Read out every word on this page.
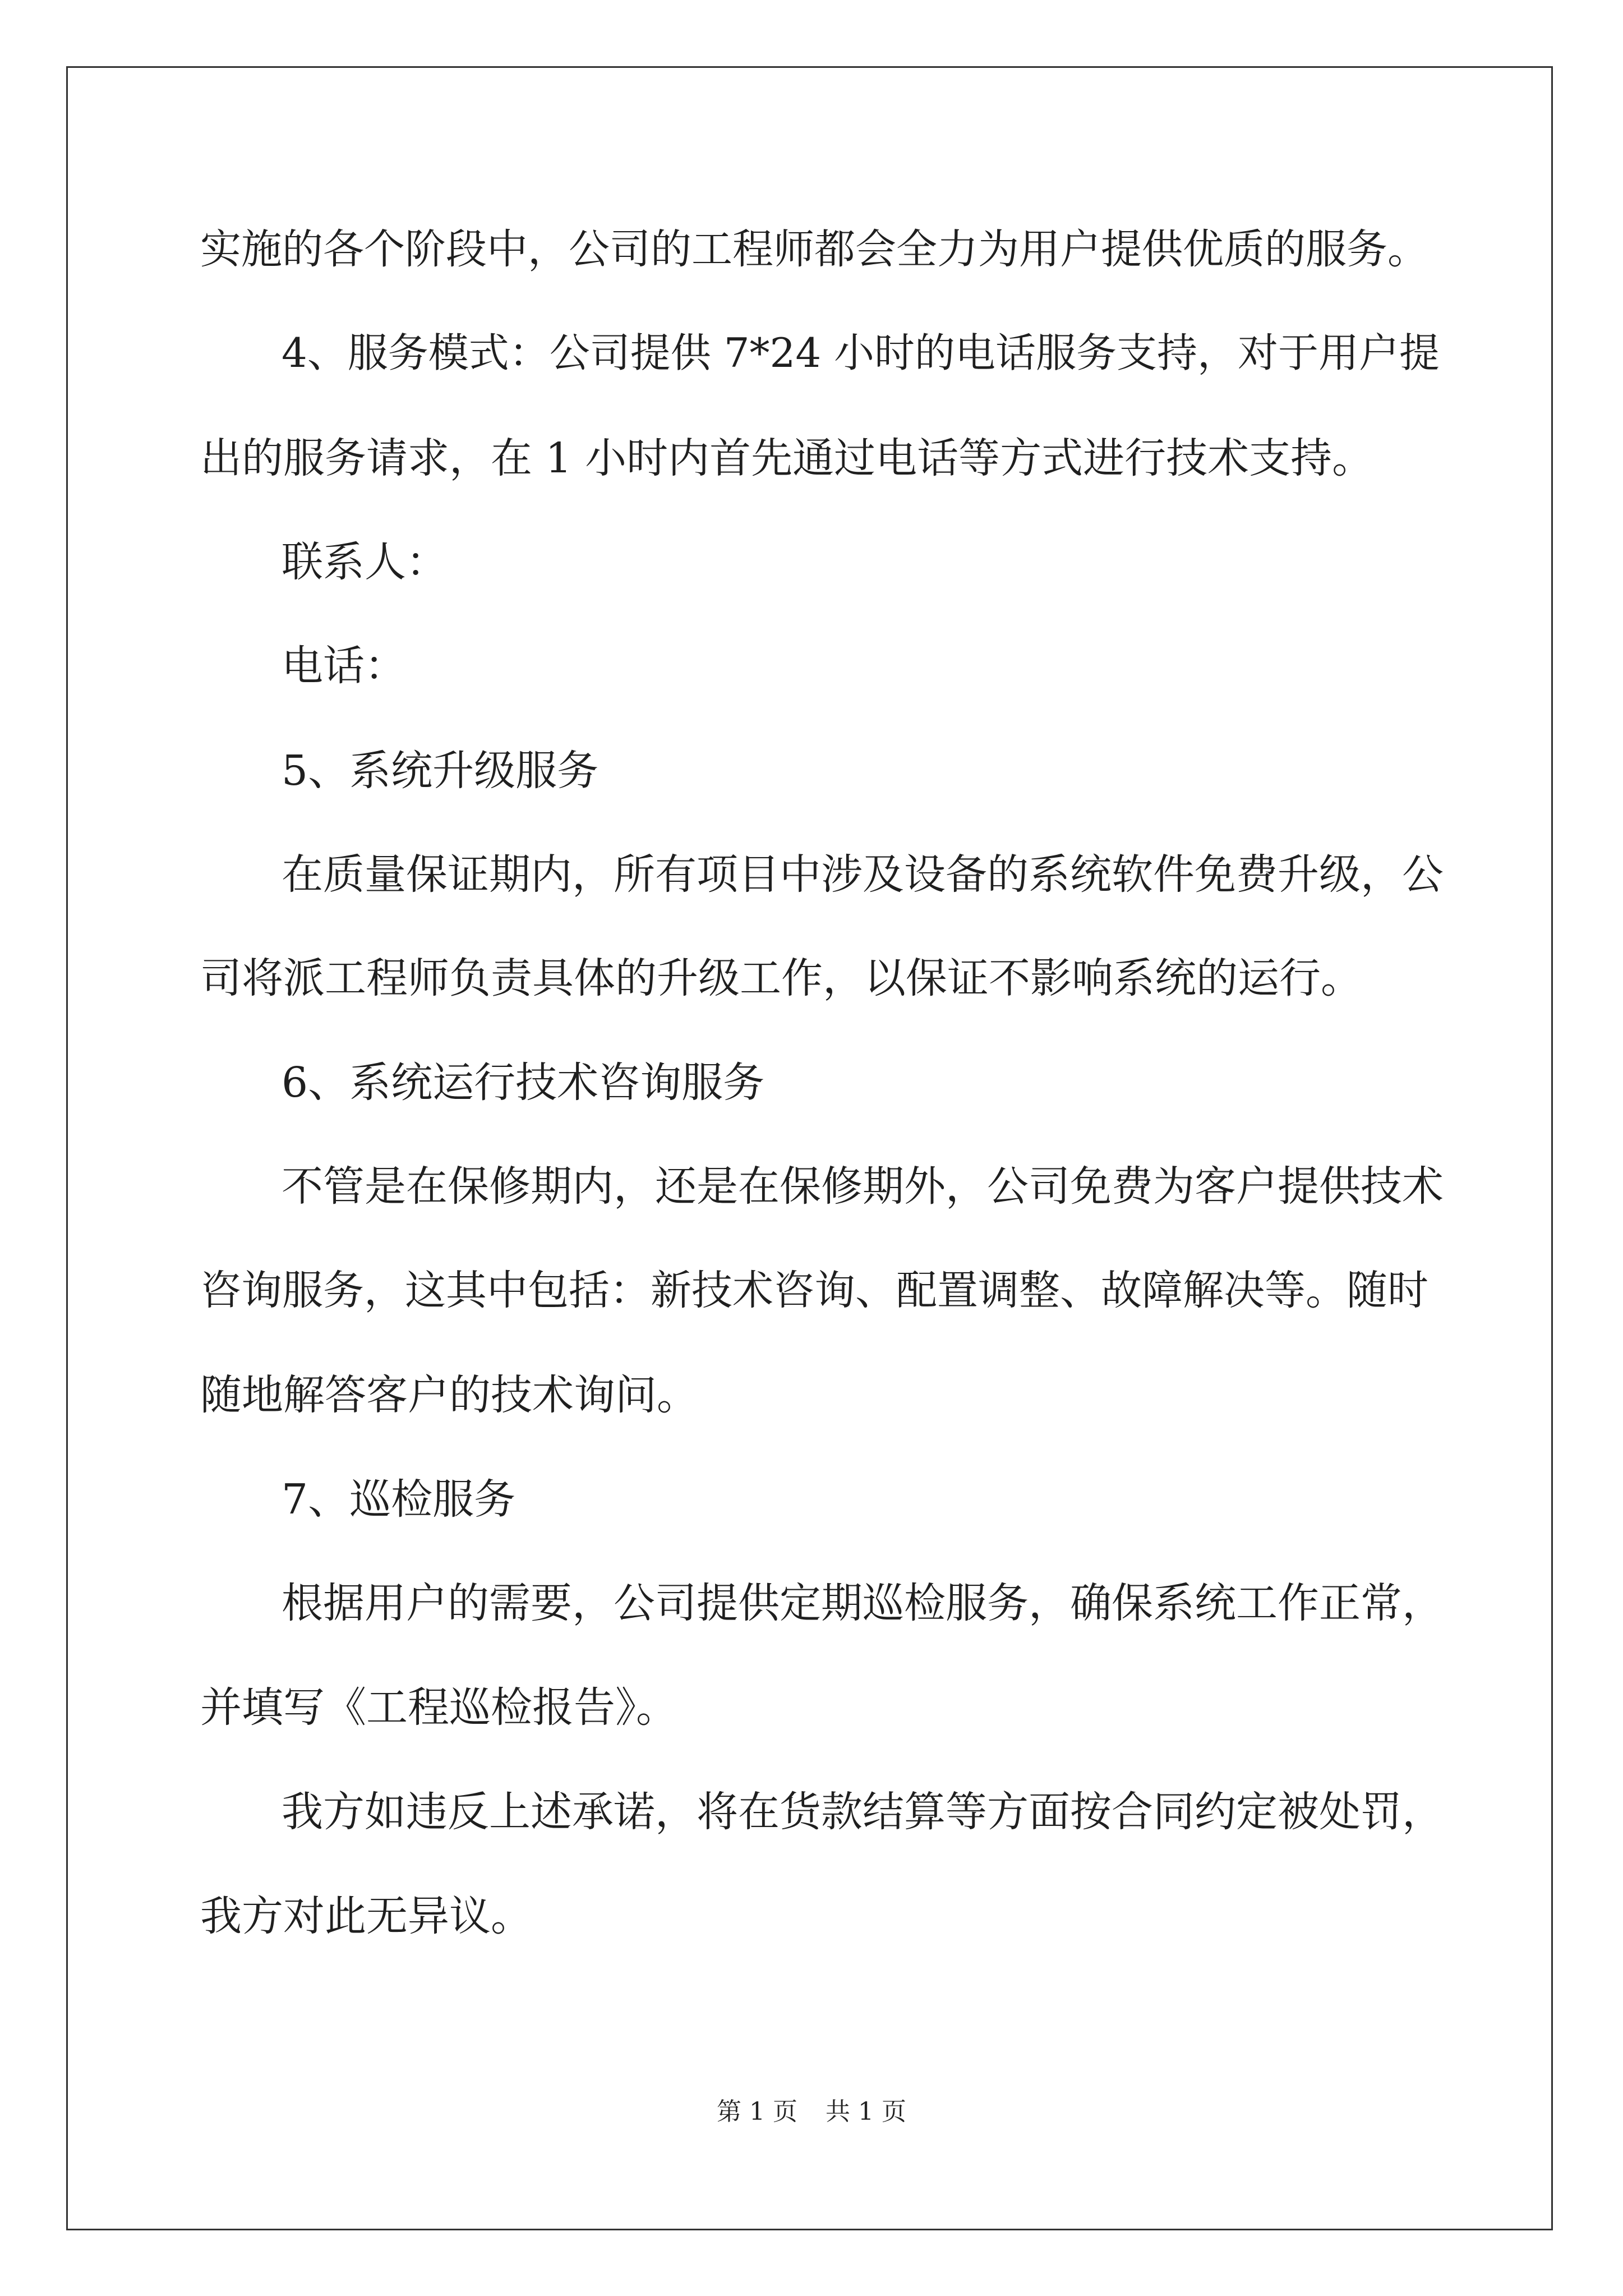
实施的各个阶段中，公司的工程师都会全力为用户提供优质的服务。
4、服务模式：公司提供 7*24 小时的电话服务支持，对于用户提
出的服务请求，在 1 小时内首先通过电话等方式进行技术支持。
联系人：
电话：
5、系统升级服务
在质量保证期内，所有项目中涉及设备的系统软件免费升级，公
司将派工程师负责具体的升级工作，以保证不影响系统的运行。
6、系统运行技术咨询服务
不管是在保修期内，还是在保修期外，公司免费为客户提供技术
咨询服务，这其中包括：新技术咨询、配置调整、故障解决等。随时
随地解答客户的技术询问。
7、巡检服务
根据用户的需要，公司提供定期巡检服务，确保系统工作正常，
并填写《工程巡检报告》。
我方如违反上述承诺，将在货款结算等方面按合同约定被处罚，
我方对此无异议。
第 1 页 共 1 页
